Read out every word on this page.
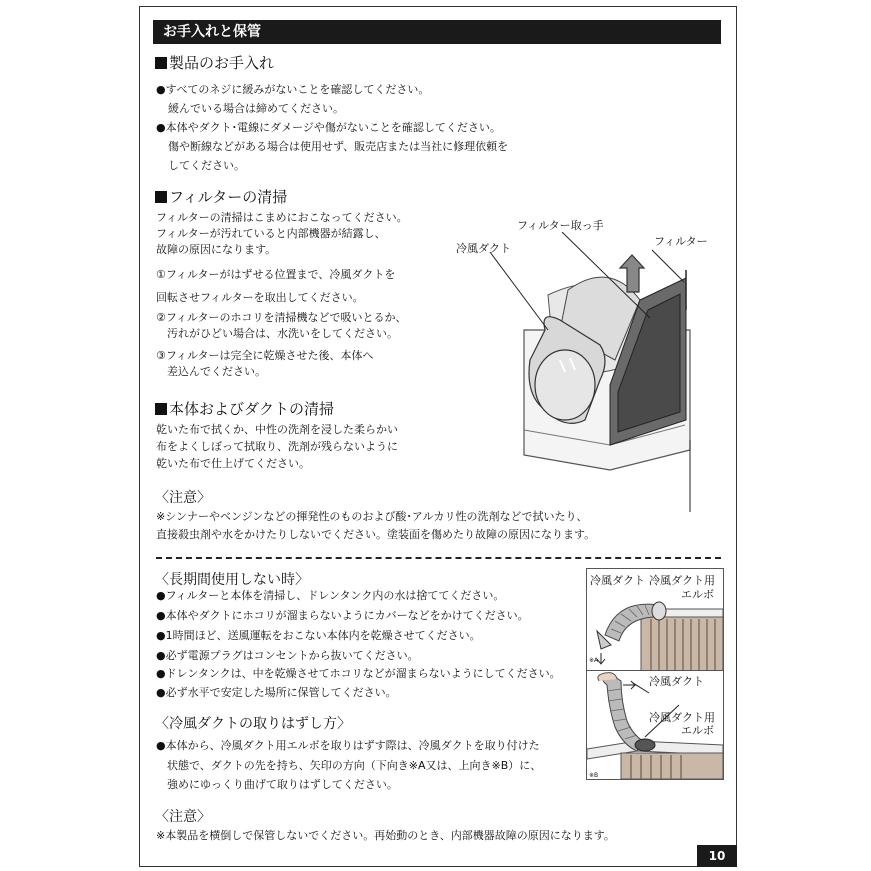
お手入れと保管
製品のお手入れ
●すべてのネジに緩みがないことを確認してください。
緩んでいる場合は締めてください。
●本体やダクト･電線にダメージや傷がないことを確認してください。
傷や断線などがある場合は使用せず、販売店または当社に修理依頼を
してください。
フィルターの清掃
フィルターの清掃はこまめにおこなってください。
フィルターが汚れていると内部機器が結露し、
故障の原因になります。
①フィルターがはずせる位置まで、冷風ダクトを
回転させフィルターを取出してください。
②フィルターのホコリを清掃機などで吸いとるか、
汚れがひどい場合は、水洗いをしてください。
③フィルターは完全に乾燥させた後、本体へ
差込んでください。
フィルター取っ手
フィルター
冷風ダクト
本体およびダクトの清掃
乾いた布で拭くか、中性の洗剤を浸した柔らかい
布をよくしぼって拭取り、洗剤が残らないように
乾いた布で仕上げてください。
〈注意〉
※シンナーやベンジンなどの揮発性のものおよび酸･アルカリ性の洗剤などで拭いたり、
直接殺虫剤や水をかけたりしないでください。塗装面を傷めたり故障の原因になります。
〈長期間使用しない時〉
●フィルターと本体を清掃し、ドレンタンク内の水は捨ててください。
●本体やダクトにホコリが溜まらないようにカバーなどをかけてください。
●1時間ほど、送風運転をおこない本体内を乾燥させてください。
●必ず電源プラグはコンセントから抜いてください。
●ドレンタンクは、中を乾燥させてホコリなどが溜まらないようにしてください。
●必ず水平で安定した場所に保管してください。
冷風ダクト 冷風ダクト用
エルボ
※A
〈冷風ダクトの取りはずし方〉
●本体から、冷風ダクト用エルボを取りはずす際は、冷風ダクトを取り付けた
状態で、ダクトの先を持ち、矢印の方向（下向き※A又は、上向き※B）に、
強めにゆっくり曲げて取りはずしてください。
冷風ダクト
冷風ダクト用
エルボ
※B
〈注意〉
※本製品を横倒しで保管しないでください。再始動のとき、内部機器故障の原因になります。
10
